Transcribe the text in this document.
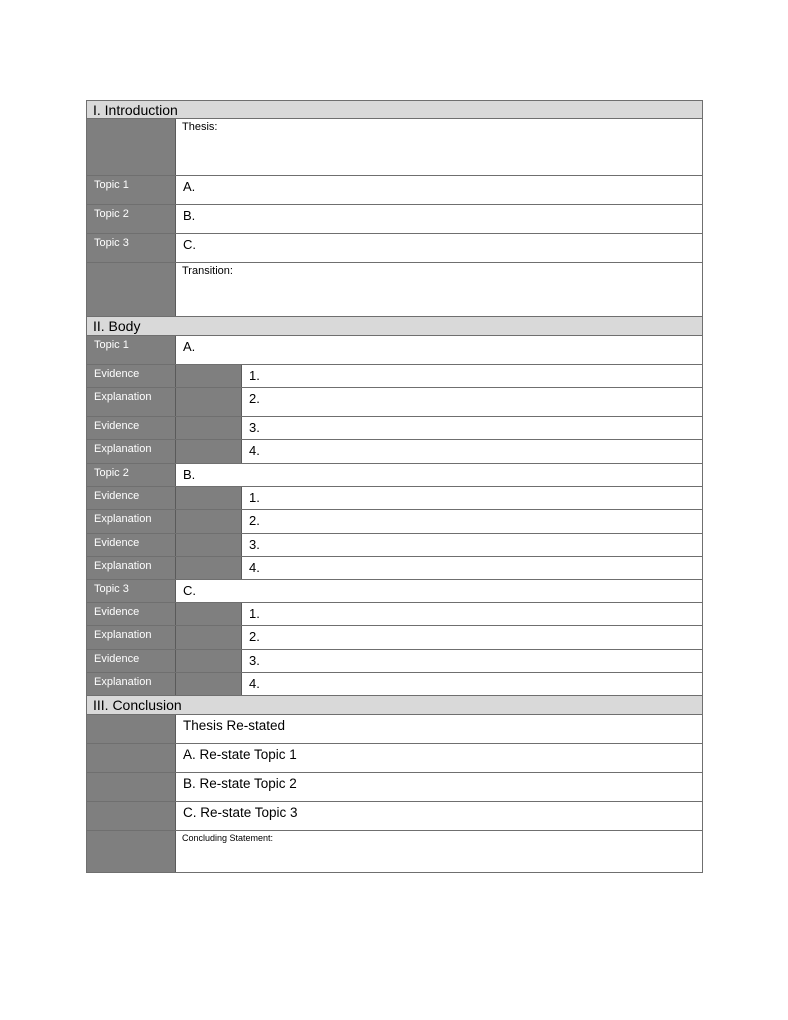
I. Introduction
Thesis:
Topic 1	A.
Topic 2	B.
Topic 3	C.
Transition:
II. Body
Topic 1	A.
Evidence	1.
Explanation	2.
Evidence	3.
Explanation	4.
Topic 2	B.
Evidence	1.
Explanation	2.
Evidence	3.
Explanation	4.
Topic 3	C.
Evidence	1.
Explanation	2.
Evidence	3.
Explanation	4.
III. Conclusion
Thesis Re-stated
A. Re-state Topic 1
B. Re-state Topic 2
C. Re-state Topic 3
Concluding Statement:
